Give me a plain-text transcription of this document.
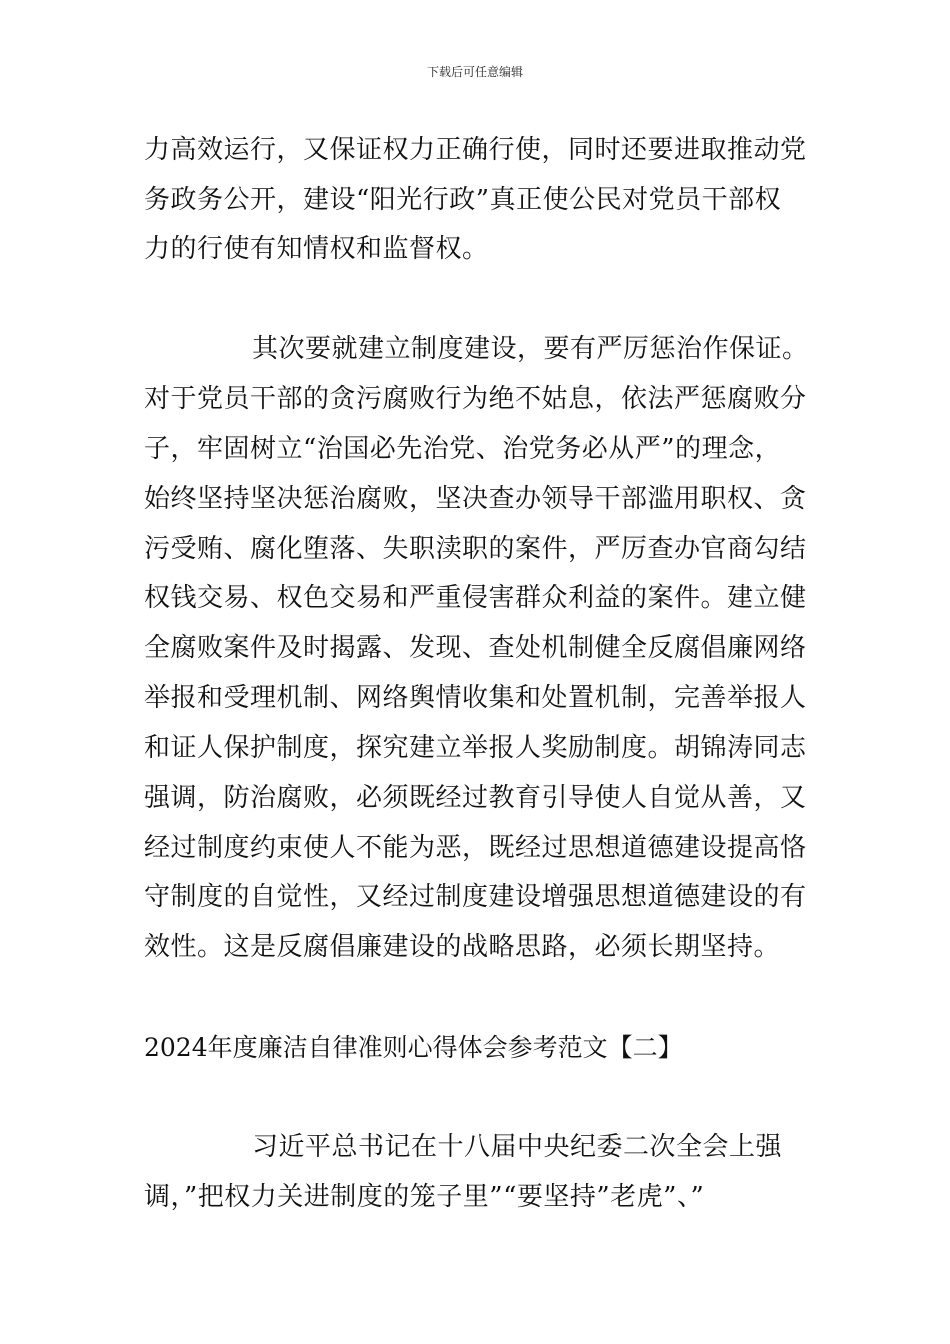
下载后可任意编辑
力高效运行，又保证权力正确行使，同时还要进取推动党
务政务公开，建设“阳光行政”真正使公民对党员干部权
力的行使有知情权和监督权。
其次要就建立制度建设，要有严厉惩治作保证。
对于党员干部的贪污腐败行为绝不姑息，依法严惩腐败分
子，牢固树立“治国必先治党、治党务必从严”的理念，
始终坚持坚决惩治腐败，坚决查办领导干部滥用职权、贪
污受贿、腐化堕落、失职渎职的案件，严厉查办官商勾结
权钱交易、权色交易和严重侵害群众利益的案件。建立健
全腐败案件及时揭露、发现、查处机制健全反腐倡廉网络
举报和受理机制、网络舆情收集和处置机制，完善举报人
和证人保护制度，探究建立举报人奖励制度。胡锦涛同志
强调，防治腐败，必须既经过教育引导使人自觉从善，又
经过制度约束使人不能为恶，既经过思想道德建设提高恪
守制度的自觉性，又经过制度建设增强思想道德建设的有
效性。这是反腐倡廉建设的战略思路，必须长期坚持。
2024年度廉洁自律准则心得体会参考范文【二】
习近平总书记在十八届中央纪委二次全会上强
调，”把权力关进制度的笼子里”“要坚持”老虎”、”
